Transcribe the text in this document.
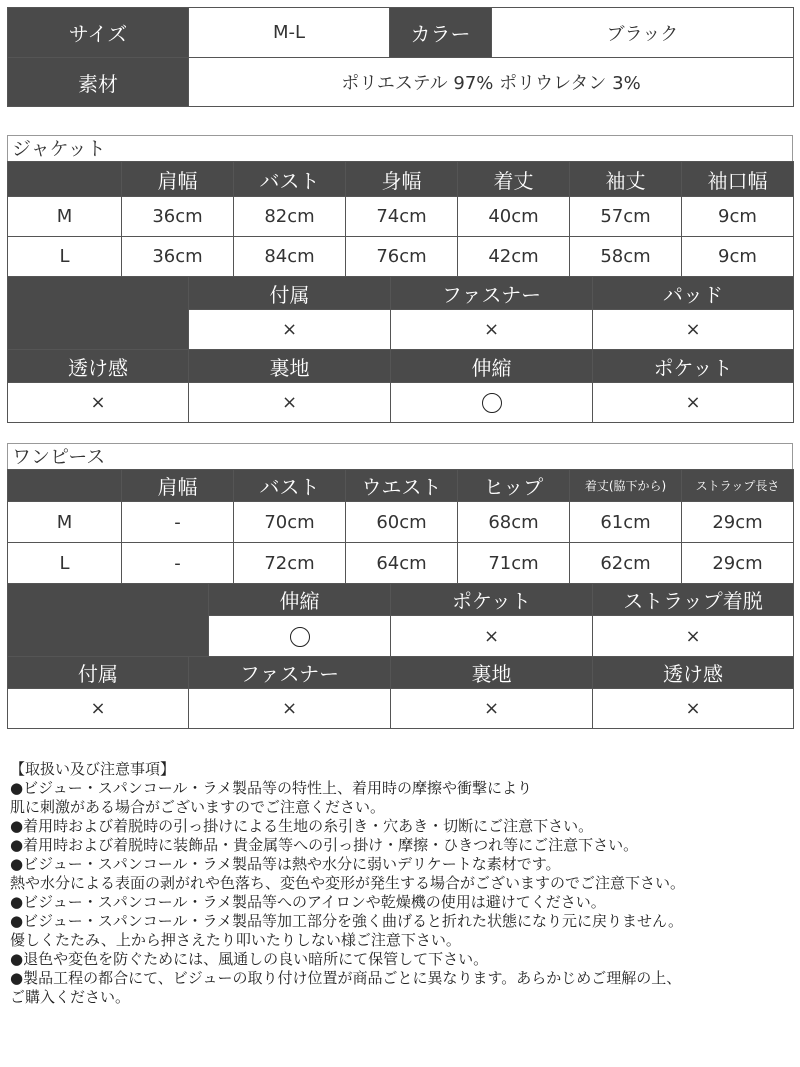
サイズ	M-L	カラー	ブラック
素材	ポリエステル 97% ポリウレタン 3%		
ジャケット
	肩幅	バスト	身幅	着丈	袖丈	袖口幅
M	36cm	82cm	74cm	40cm	57cm	9cm
L	36cm	84cm	76cm	42cm	58cm	9cm
	付属	ファスナー	パッド
	×	×	×
透け感	裏地	伸縮	ポケット
×	×		×
ワンピース
	肩幅	バスト	ウエスト	ヒップ	着丈(脇下から)	ストラップ長さ
M	-	70cm	60cm	68cm	61cm	29cm
L	-	72cm	64cm	71cm	62cm	29cm
		伸縮	ポケット	ストラップ着脱
			×	×
付属	ファスナー		裏地	透け感
×	×		×	×
【取扱い及び注意事項】
●ビジュー・スパンコール・ラメ製品等の特性上、着用時の摩擦や衝撃により
肌に刺激がある場合がございますのでご注意ください。
●着用時および着脱時の引っ掛けによる生地の糸引き・穴あき・切断にご注意下さい。
●着用時および着脱時に装飾品・貴金属等への引っ掛け・摩擦・ひきつれ等にご注意下さい。
●ビジュー・スパンコール・ラメ製品等は熱や水分に弱いデリケートな素材です。
熱や水分による表面の剥がれや色落ち、変色や変形が発生する場合がございますのでご注意下さい。
●ビジュー・スパンコール・ラメ製品等へのアイロンや乾燥機の使用は避けてください。
●ビジュー・スパンコール・ラメ製品等加工部分を強く曲げると折れた状態になり元に戻りません。
優しくたたみ、上から押さえたり叩いたりしない様ご注意下さい。
●退色や変色を防ぐためには、風通しの良い暗所にて保管して下さい。
●製品工程の都合にて、ビジューの取り付け位置が商品ごとに異なります。あらかじめご理解の上、
ご購入ください。
